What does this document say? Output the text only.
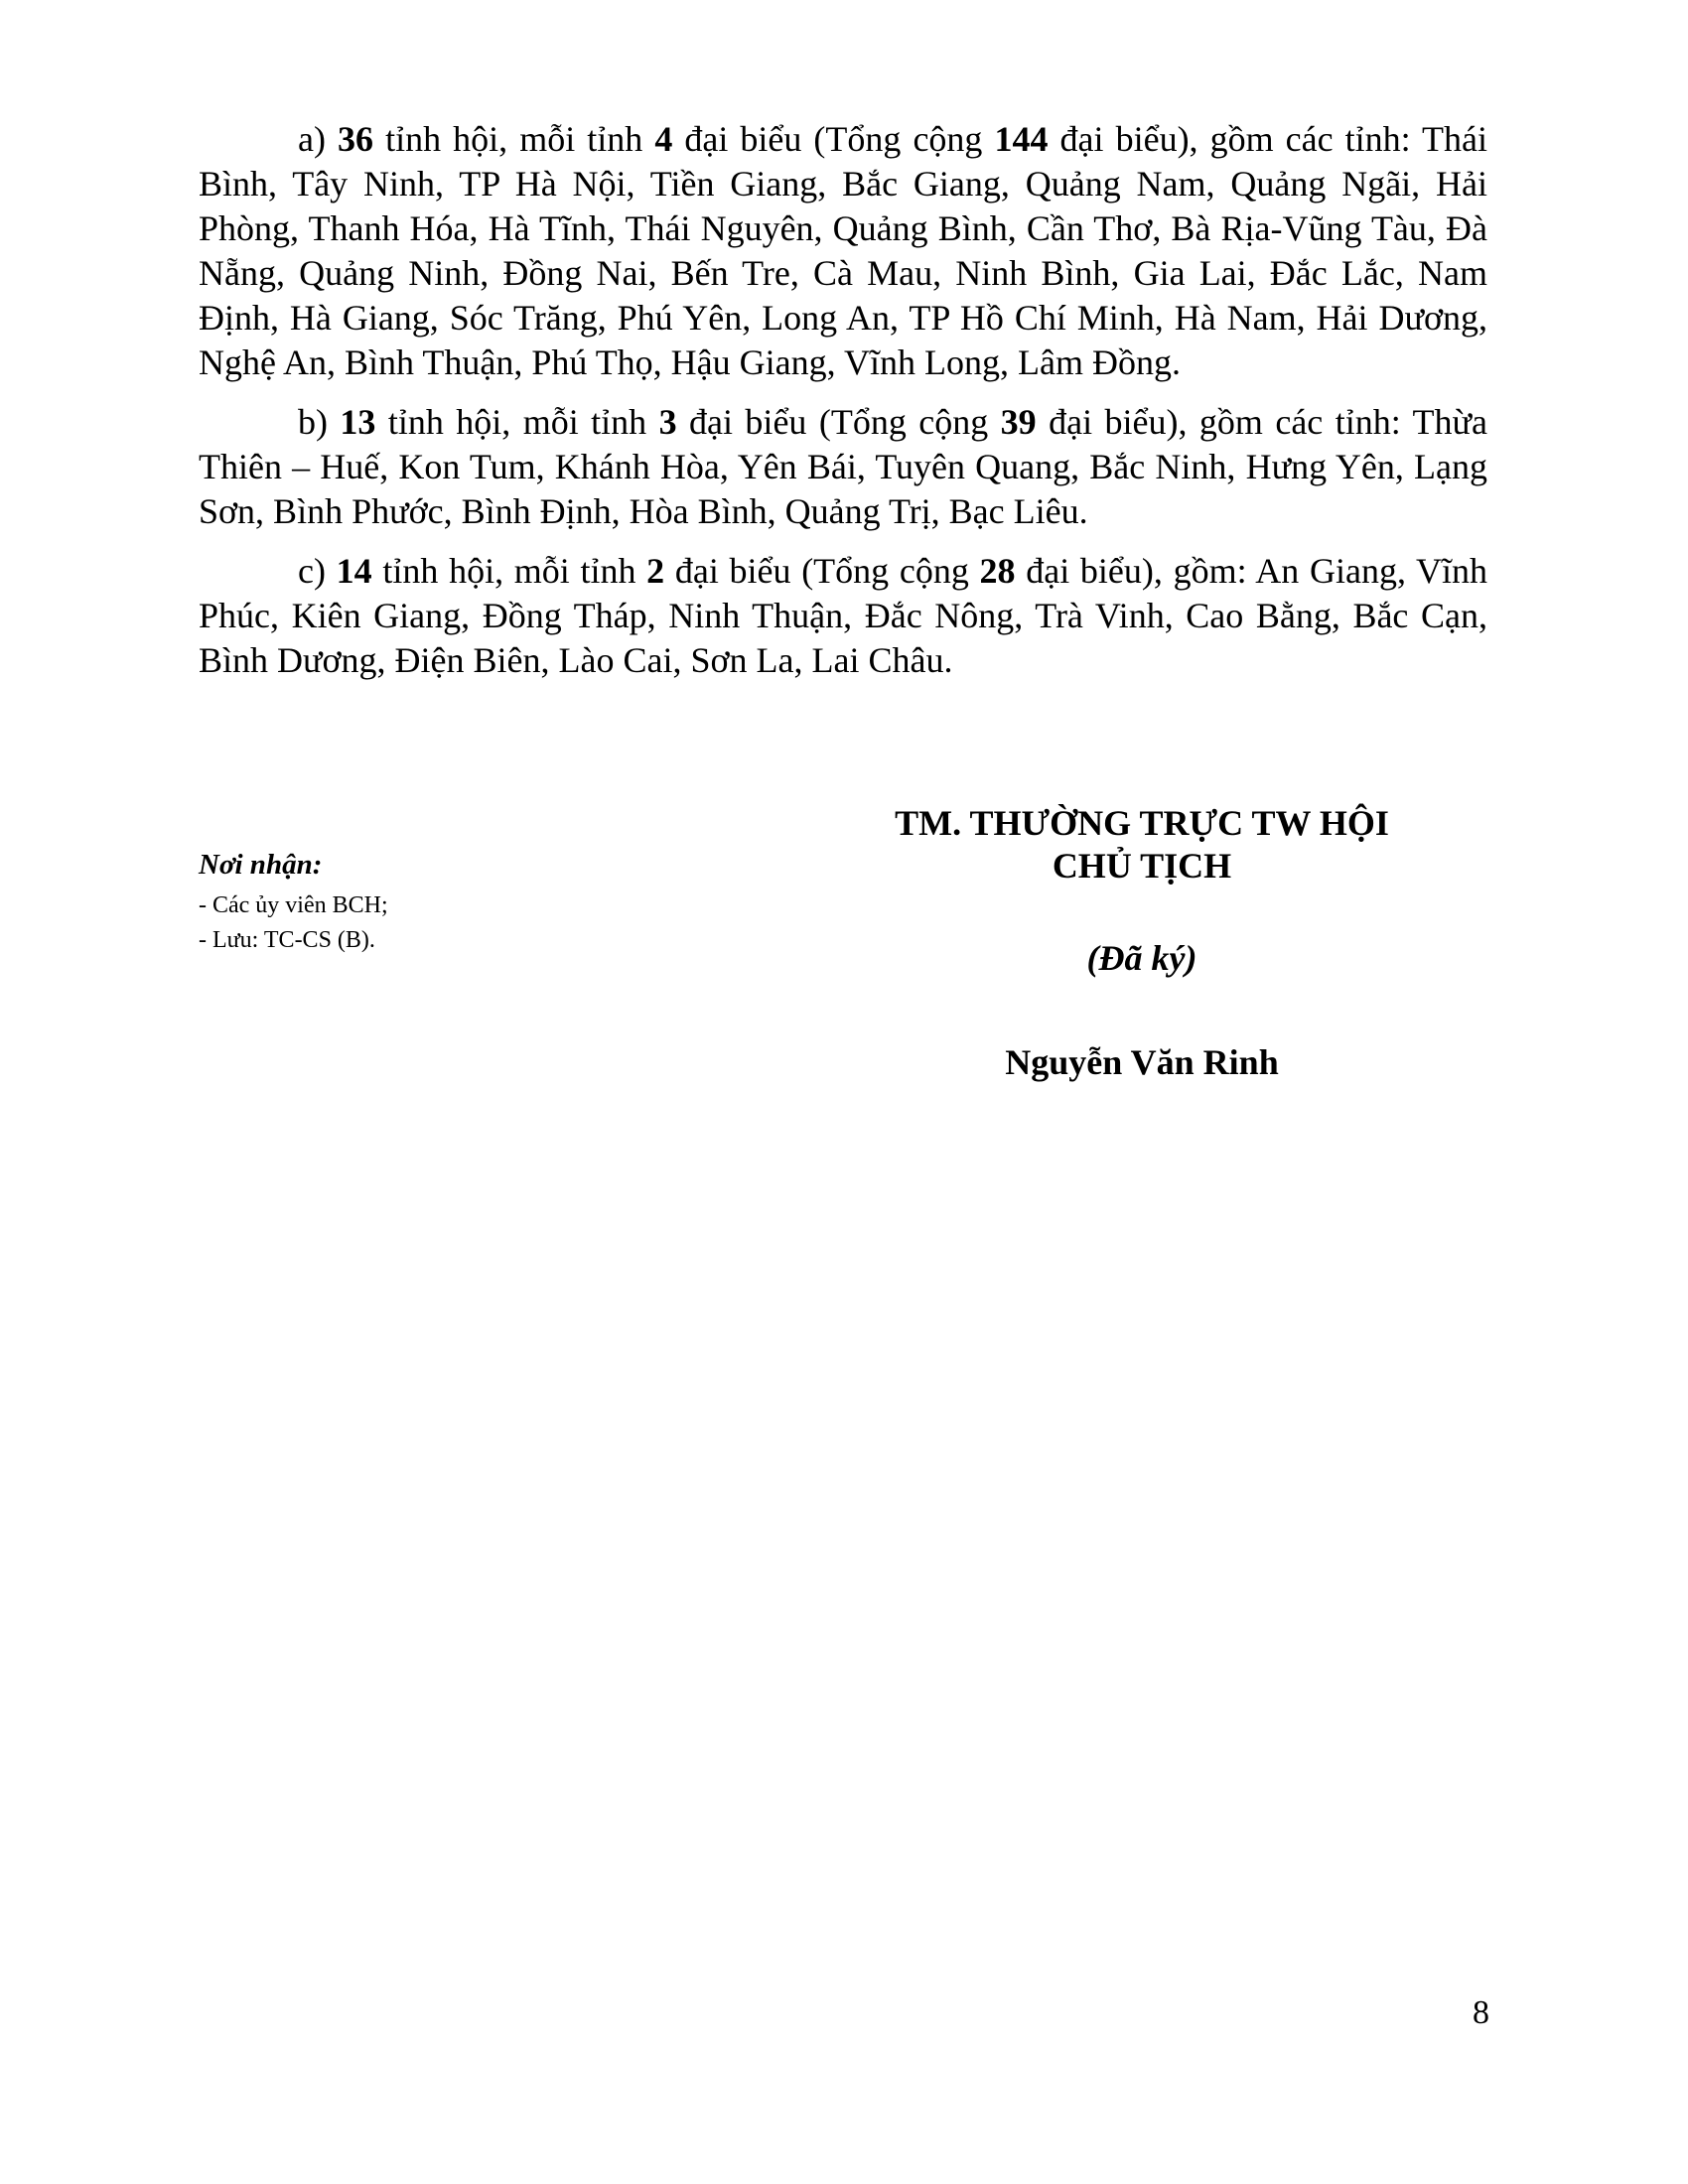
a) 36 tỉnh hội, mỗi tỉnh 4 đại biểu (Tổng cộng 144 đại biểu), gồm các tỉnh: Thái Bình, Tây Ninh, TP Hà Nội, Tiền Giang, Bắc Giang, Quảng Nam, Quảng Ngãi, Hải Phòng, Thanh Hóa, Hà Tĩnh, Thái Nguyên, Quảng Bình, Cần Thơ, Bà Rịa-Vũng Tàu, Đà Nẵng, Quảng Ninh, Đồng Nai, Bến Tre, Cà Mau, Ninh Bình, Gia Lai, Đắc Lắc, Nam Định, Hà Giang, Sóc Trăng, Phú Yên, Long An, TP Hồ Chí Minh, Hà Nam, Hải Dương, Nghệ An, Bình Thuận, Phú Thọ, Hậu Giang, Vĩnh Long, Lâm Đồng.

b) 13 tỉnh hội, mỗi tỉnh 3 đại biểu (Tổng cộng 39 đại biểu), gồm các tỉnh: Thừa Thiên – Huế, Kon Tum, Khánh Hòa, Yên Bái, Tuyên Quang, Bắc Ninh, Hưng Yên, Lạng Sơn, Bình Phước, Bình Định, Hòa Bình, Quảng Trị, Bạc Liêu.

c) 14 tỉnh hội, mỗi tỉnh 2 đại biểu (Tổng cộng 28 đại biểu), gồm: An Giang, Vĩnh Phúc, Kiên Giang, Đồng Tháp, Ninh Thuận, Đắc Nông, Trà Vinh, Cao Bằng, Bắc Cạn, Bình Dương, Điện Biên, Lào Cai, Sơn La, Lai Châu.

Nơi nhận:
- Các ủy viên BCH;
- Lưu: TC-CS (B).
TM. THƯỜNG TRỰC TW HỘI
CHỦ TỊCH
(Đã ký)
Nguyễn Văn Rinh
8
